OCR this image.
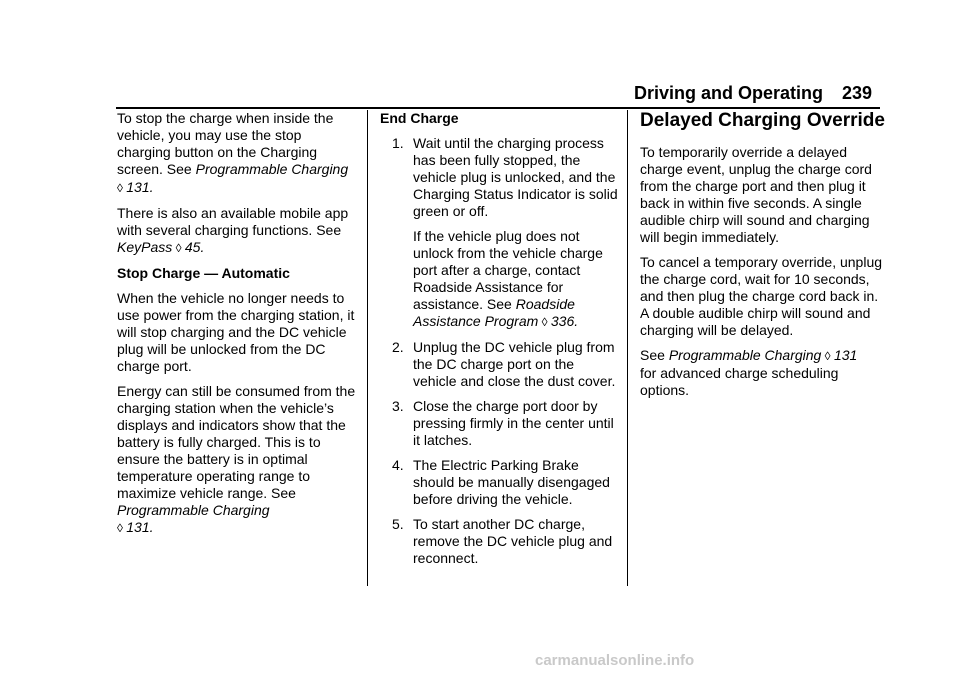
Driving and Operating 239

To stop the charge when inside the vehicle, you may use the stop charging button on the Charging screen. See Programmable Charging ◊ 131.

There is also an available mobile app with several charging functions. See KeyPass ◊ 45.

Stop Charge — Automatic

When the vehicle no longer needs to use power from the charging station, it will stop charging and the DC vehicle plug will be unlocked from the DC charge port.

Energy can still be consumed from the charging station when the vehicle’s displays and indicators show that the battery is fully charged. This is to ensure the battery is in optimal temperature operating range to maximize vehicle range. See Programmable Charging
◊ 131.

End Charge

1. Wait until the charging process has been fully stopped, the vehicle plug is unlocked, and the Charging Status Indicator is solid green or off.

If the vehicle plug does not unlock from the vehicle charge port after a charge, contact Roadside Assistance for assistance. See Roadside Assistance Program ◊ 336.

2. Unplug the DC vehicle plug from the DC charge port on the vehicle and close the dust cover.

3. Close the charge port door by pressing firmly in the center until it latches.

4. The Electric Parking Brake should be manually disengaged before driving the vehicle.

5. To start another DC charge, remove the DC vehicle plug and reconnect.

Delayed Charging Override

To temporarily override a delayed charge event, unplug the charge cord from the charge port and then plug it back in within five seconds. A single audible chirp will sound and charging will begin immediately.

To cancel a temporary override, unplug the charge cord, wait for 10 seconds, and then plug the charge cord back in. A double audible chirp will sound and charging will be delayed.

See Programmable Charging ◊ 131
for advanced charge scheduling options.

carmanualsonline.info
